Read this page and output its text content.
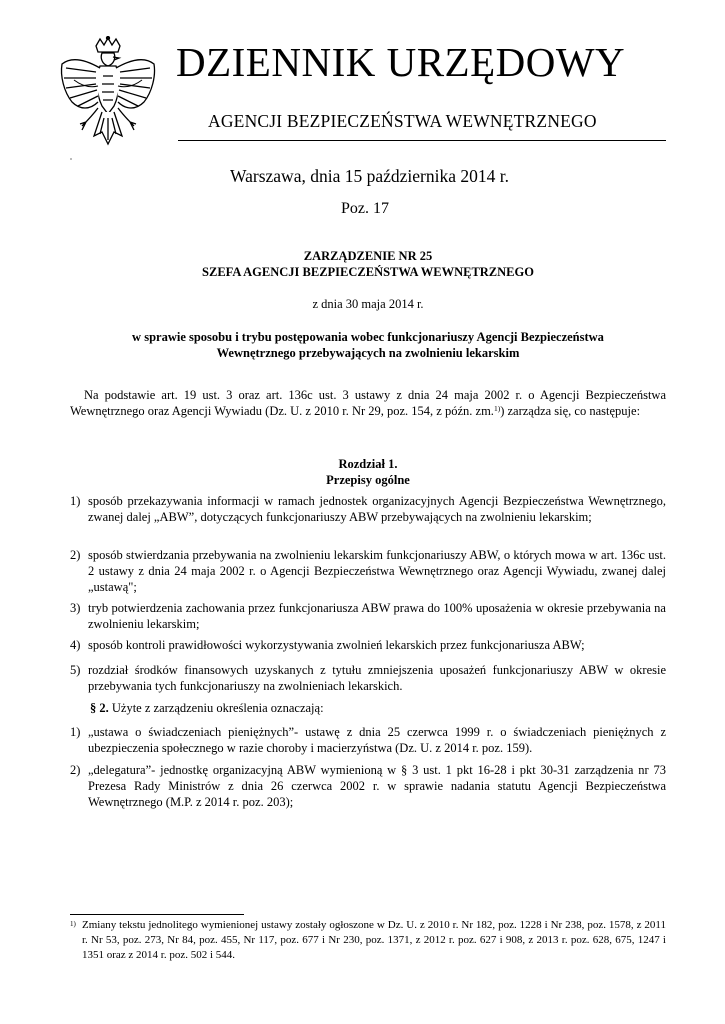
DZIENNIK URZĘDOWY
AGENCJI BEZPIECZEŃSTWA WEWNĘTRZNEGO
Warszawa, dnia 15 października 2014 r.
Poz. 17
ZARZĄDZENIE NR 25
SZEFA AGENCJI BEZPIECZEŃSTWA WEWNĘTRZNEGO
z dnia 30 maja 2014 r.
w sprawie sposobu i trybu postępowania wobec funkcjonariuszy Agencji Bezpieczeństwa
Wewnętrznego przebywających na zwolnieniu lekarskim

Na podstawie art. 19 ust. 3 oraz art. 136c ust. 3 ustawy z dnia 24 maja 2002 r. o Agencji Bezpieczeństwa Wewnętrznego oraz Agencji Wywiadu (Dz. U. z 2010 r. Nr 29, poz. 154, z późn. zm.$^{1)}$) zarządza się, co następuje:

Rozdział 1.
Przepisy ogólne
1) sposób przekazywania informacji w ramach jednostek organizacyjnych Agencji Bezpieczeństwa Wewnętrznego, zwanej dalej „ABW”, dotyczących funkcjonariuszy ABW przebywających na zwolnieniu lekarskim;
2) sposób stwierdzania przebywania na zwolnieniu lekarskim funkcjonariuszy ABW, o których mowa w art. 136c ust. 2 ustawy z dnia 24 maja 2002 r. o Agencji Bezpieczeństwa Wewnętrznego oraz Agencji Wywiadu, zwanej dalej „ustawą";
3) tryb potwierdzenia zachowania przez funkcjonariusza ABW prawa do 100% uposażenia w okresie przebywania na zwolnieniu lekarskim;
4) sposób kontroli prawidłowości wykorzystywania zwolnień lekarskich przez funkcjonariusza ABW;
5) rozdział środków finansowych uzyskanych z tytułu zmniejszenia uposażeń funkcjonariuszy ABW w okresie przebywania tych funkcjonariuszy na zwolnieniach lekarskich.
§ 2. Użyte z zarządzeniu określenia oznaczają:
1) „ustawa o świadczeniach pieniężnych”- ustawę z dnia 25 czerwca 1999 r. o świadczeniach pieniężnych z ubezpieczenia społecznego w razie choroby i macierzyństwa (Dz. U. z 2014 r. poz. 159).
2) „delegatura”- jednostkę organizacyjną ABW wymienioną w § 3 ust. 1 pkt 16-28 i pkt 30-31 zarządzenia nr 73 Prezesa Rady Ministrów z dnia 26 czerwca 2002 r. w sprawie nadania statutu Agencji Bezpieczeństwa Wewnętrznego (M.P. z 2014 r. poz. 203);
$^{1)}$ Zmiany tekstu jednolitego wymienionej ustawy zostały ogłoszone w Dz. U. z 2010 r. Nr 182, poz. 1228 i Nr 238, poz. 1578, z 2011 r. Nr 53, poz. 273, Nr 84, poz. 455, Nr 117, poz. 677 i Nr 230, poz. 1371, z 2012 r. poz. 627 i 908, z 2013 r. poz. 628, 675, 1247 i 1351 oraz z 2014 r. poz. 502 i 544.
